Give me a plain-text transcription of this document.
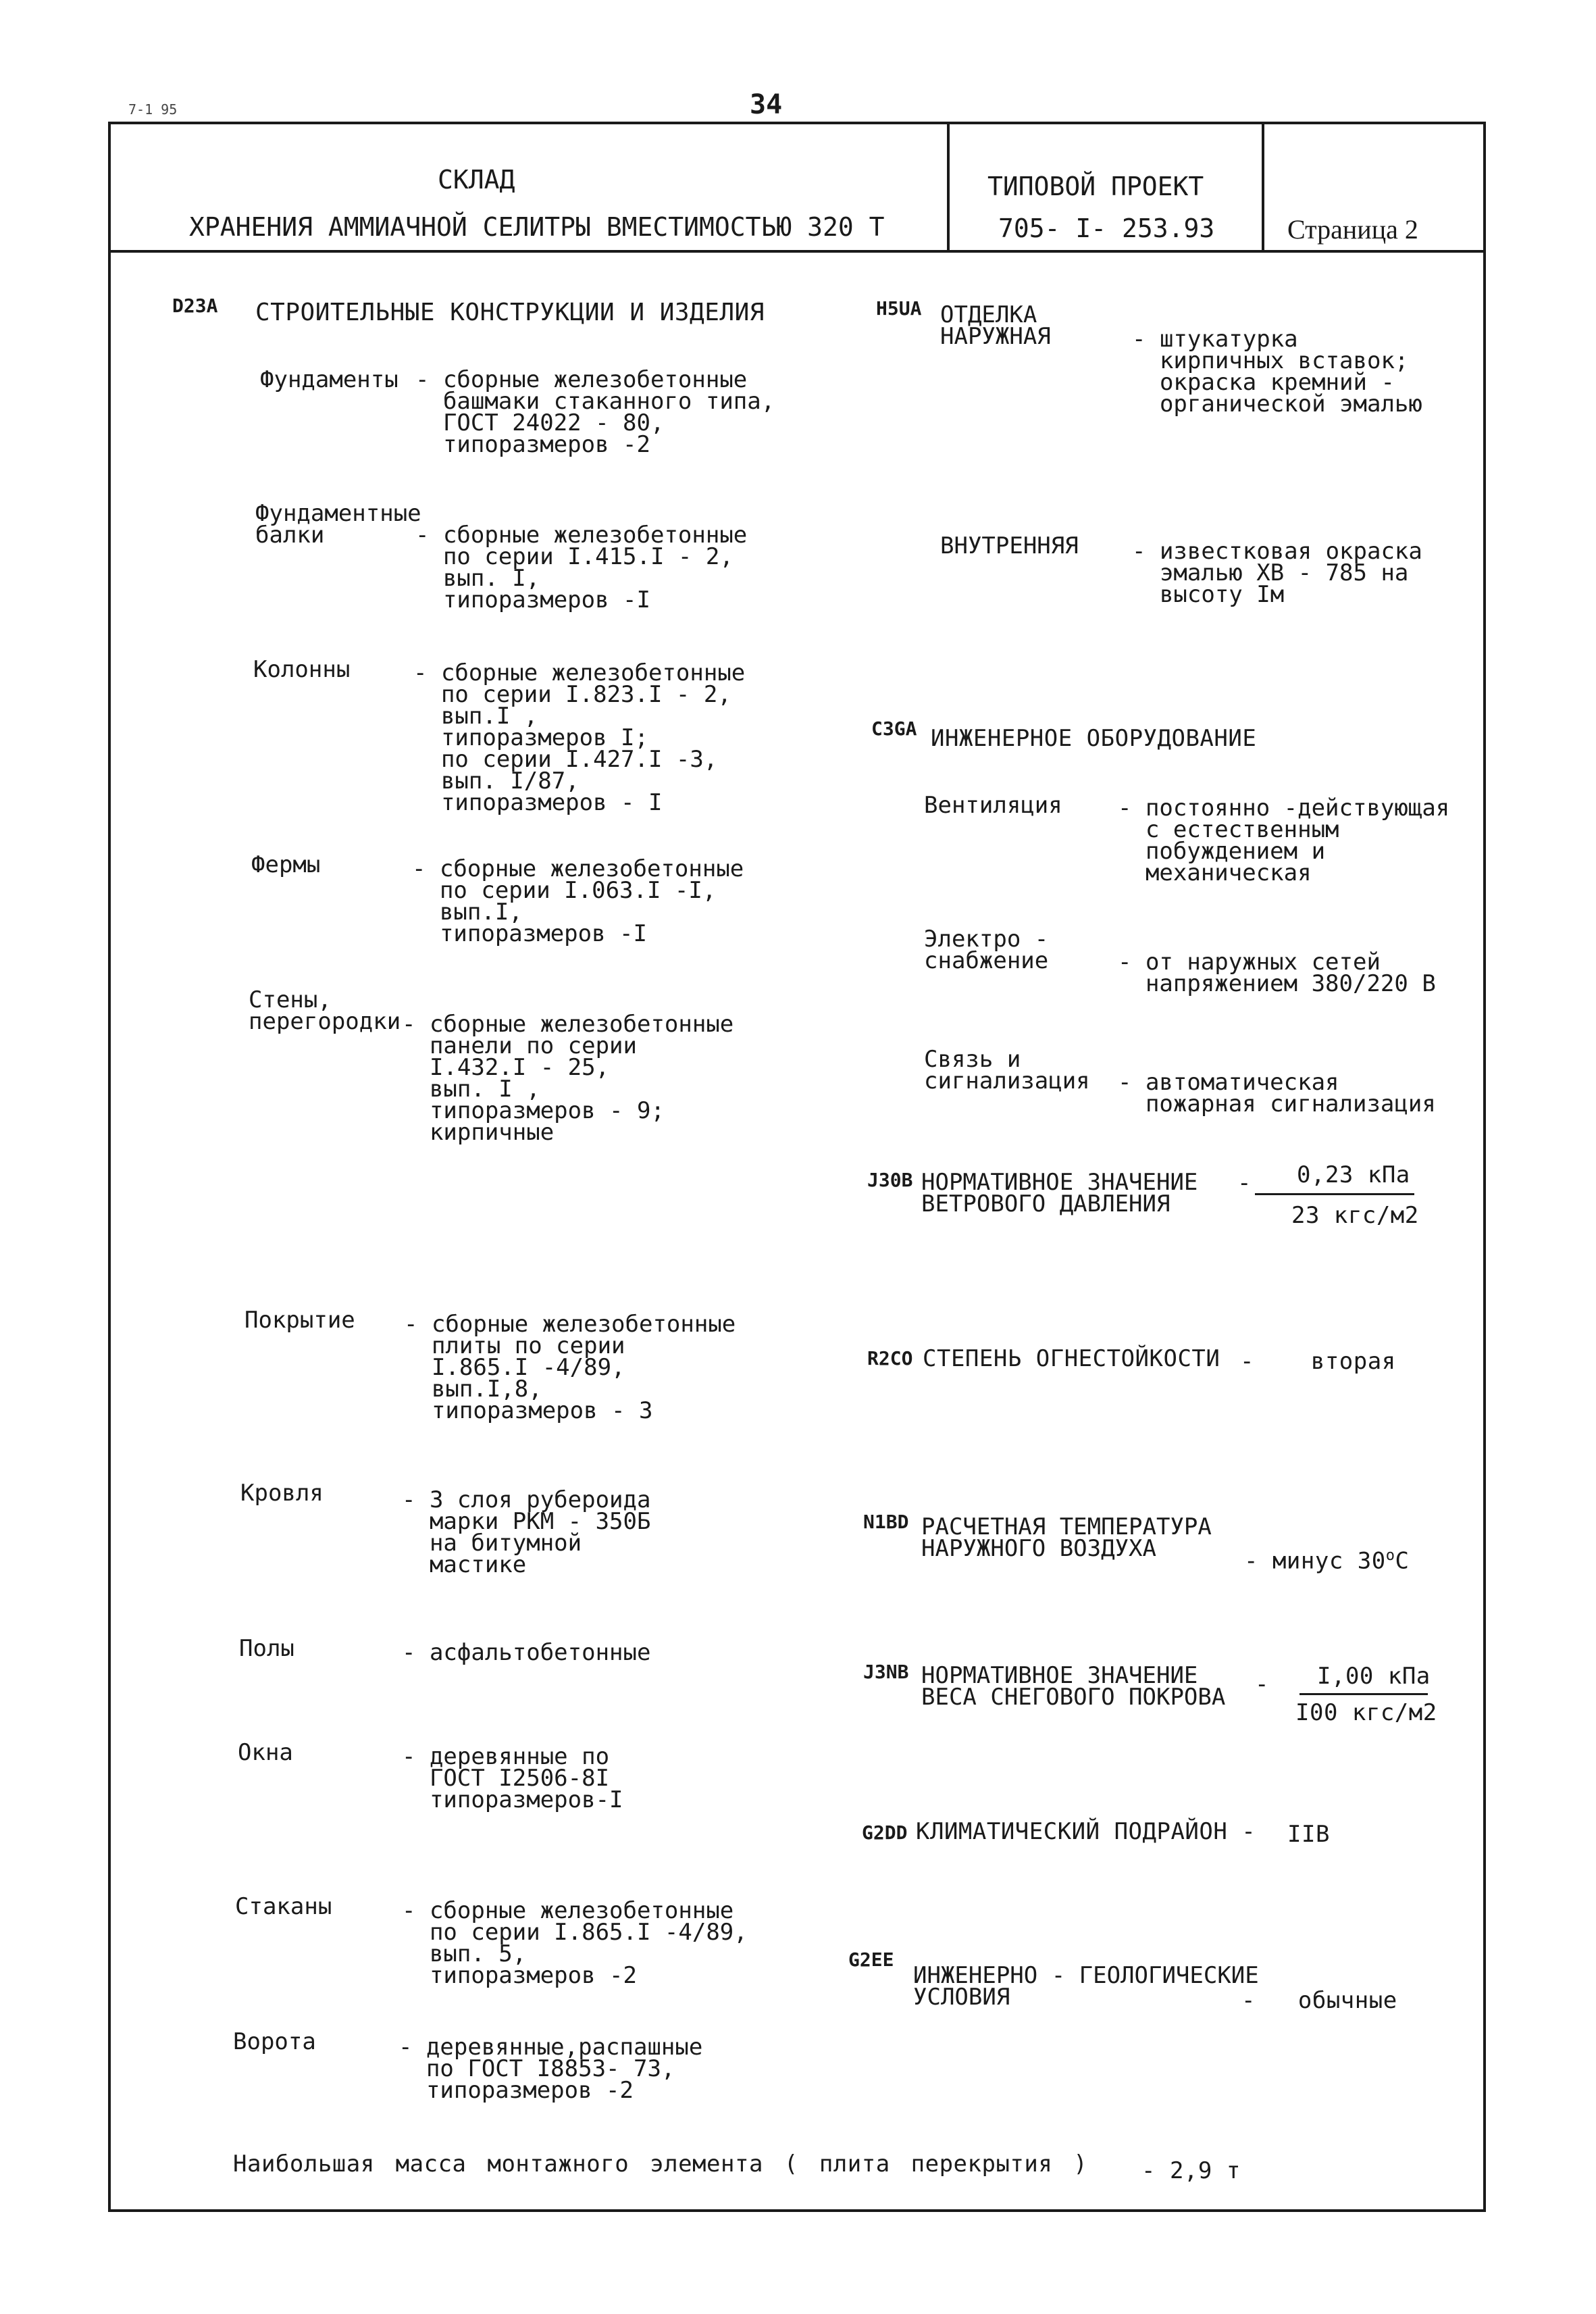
7-1 95	34
СКЛАД
ХРАНЕНИЯ АММИАЧНОЙ СЕЛИТРЫ ВМЕСТИМОСТЬЮ 320 Т
ТИПОВОЙ ПРОЕКТ
705- I- 253.93	Страница 2
D23A СТРОИТЕЛЬНЫЕ КОНСТРУКЦИИ И ИЗДЕЛИЯ
Фундаменты - сборные железобетонные
башмаки стаканного типа,
ГОСТ 24022 - 80,
типоразмеров -2
Фундаментные
балки	- сборные железобетонные
по серии I.415.I - 2,
вып. I,
типоразмеров -I
Колонны	- сборные железобетонные
по серии I.823.I - 2,
вып.I ,
типоразмеров I;
по серии I.427.I -3,
вып. I/87,
типоразмеров - I
Фермы	- сборные железобетонные
по серии I.063.I -I,
вып.I,
типоразмеров -I
Стены,
перегородки - сборные железобетонные
панели по серии
I.432.I - 25,
вып. I ,
типоразмеров - 9;
кирпичные
Покрытие - сборные железобетонные
плиты по серии
I.865.I -4/89,
вып.I,8,
типоразмеров - 3
Кровля	- 3 слоя рубероида
марки РКМ - 350Б
на битумной
мастике
Полы	- асфальтобетонные
Окна	- деревянные по
ГОСТ I2506-8I
типоразмеров-I
Стаканы	- сборные железобетонные
по серии I.865.I -4/89,
вып. 5,
типоразмеров -2
Ворота	- деревянные,распашные
по ГОСТ I8853- 73,
типоразмеров -2
H5UA ОТДЕЛКА
НАРУЖНАЯ	- штукатурка
кирпичных вставок;
окраска кремний -
органической эмалью
ВНУТРЕННЯЯ - известковая окраска
эмалью ХВ - 785 на
высоту Iм
C3GA ИНЖЕНЕРНОЕ ОБОРУДОВАНИЕ
Вентиляция - постоянно -действующая
с естественным
побуждением и
механическая
Электро -
снабжение	- от наружных сетей
напряжением 380/220 В
Связь и
сигнализация - автоматическая
пожарная сигнализация
J30B НОРМАТИВНОЕ ЗНАЧЕНИЕ
ВЕТРОВОГО ДАВЛЕНИЯ
- 0,23 кПа
23 кгс/м2
R2CO СТЕПЕНЬ ОГНЕСТОЙКОСТИ -    вторая
N1BD РАСЧЕТНАЯ ТЕМПЕРАТУРА
НАРУЖНОГО ВОЗДУХА	- минус $30^оС$
J3NB НОРМАТИВНОЕ ЗНАЧЕНИЕ
ВЕСА СНЕГОВОГО ПОКРОВА - I,00 кПа
I00 кгс/м2
G2DD КЛИМАТИЧЕСКИЙ ПОДРАЙОН - IIВ
G2EE
ИНЖЕНЕРНО - ГЕОЛОГИЧЕСКИЕ
УСЛОВИЯ	-   обычные
Наибольшая масса монтажного элемента ( плита перекрытия ) - 2,9 т
